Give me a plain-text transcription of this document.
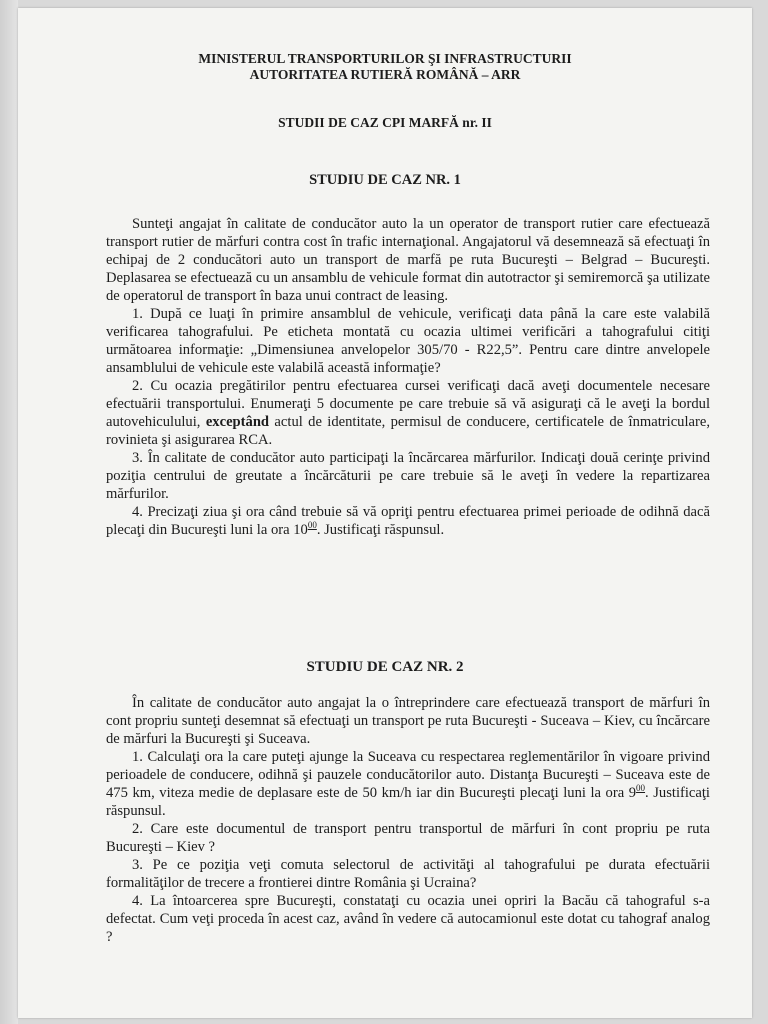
MINISTERUL TRANSPORTURILOR ŞI INFRASTRUCTURII
AUTORITATEA RUTIERĂ ROMÂNĂ – ARR
STUDII DE CAZ CPI MARFĂ nr. II
STUDIU DE CAZ NR. 1

Sunteţi angajat în calitate de conducător auto la un operator de transport rutier care efectuează transport rutier de mărfuri contra cost în trafic internaţional. Angajatorul vă desemnează să efectuaţi în echipaj de 2 conducători auto un transport de marfă pe ruta Bucureşti – Belgrad – Bucureşti. Deplasarea se efectuează cu un ansamblu de vehicule format din autotractor şi semiremorcă şa utilizate de operatorul de transport în baza unui contract de leasing.

1. După ce luaţi în primire ansamblul de vehicule, verificaţi data până la care este valabilă verificarea tahografului. Pe eticheta montată cu ocazia ultimei verificări a tahografului citiţi următoarea informaţie: „Dimensiunea anvelopelor 305/70 - R22,5”. Pentru care dintre anvelopele ansamblului de vehicule este valabilă această informaţie?

2. Cu ocazia pregătirilor pentru efectuarea cursei verificaţi dacă aveţi documentele necesare efectuării transportului. Enumeraţi 5 documente pe care trebuie să vă asiguraţi că le aveţi la bordul autovehiculului, exceptând actul de identitate, permisul de conducere, certificatele de înmatriculare, rovinieta şi asigurarea RCA.

3. În calitate de conducător auto participaţi la încărcarea mărfurilor. Indicaţi două cerinţe privind poziţia centrului de greutate a încărcăturii pe care trebuie să le aveţi în vedere la repartizarea mărfurilor.

4. Precizaţi ziua şi ora când trebuie să vă opriţi pentru efectuarea primei perioade de odihnă dacă plecaţi din Bucureşti luni la ora $10^{00}$. Justificaţi răspunsul.

STUDIU DE CAZ NR. 2

În calitate de conducător auto angajat la o întreprindere care efectuează transport de mărfuri în cont propriu sunteţi desemnat să efectuaţi un transport pe ruta Bucureşti - Suceava – Kiev, cu încărcare de mărfuri la Bucureşti şi Suceava.

1. Calculaţi ora la care puteţi ajunge la Suceava cu respectarea reglementărilor în vigoare privind perioadele de conducere, odihnă şi pauzele conducătorilor auto. Distanţa Bucureşti – Suceava este de 475 km, viteza medie de deplasare este de 50 km/h iar din Bucureşti plecaţi luni la ora $9^{00}$. Justificaţi răspunsul.

2. Care este documentul de transport pentru transportul de mărfuri în cont propriu pe ruta Bucureşti – Kiev ?

3. Pe ce poziţia veţi comuta selectorul de activităţi al tahografului pe durata efectuării formalităţilor de trecere a frontierei dintre România şi Ucraina?

4. La întoarcerea spre Bucureşti, constataţi cu ocazia unei opriri la Bacău că tahograful s-a defectat. Cum veţi proceda în acest caz, având în vedere că autocamionul este dotat cu tahograf analog ?
